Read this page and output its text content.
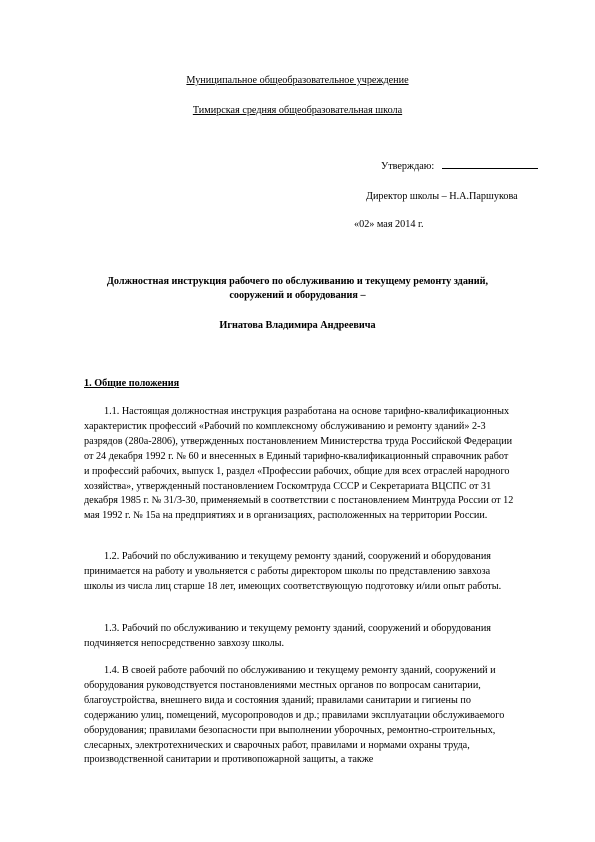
Муниципальное общеобразовательное учреждение
Тимирская средняя общеобразовательная школа
Утверждаю:
Директор школы – Н.А.Паршукова
«02» мая 2014 г.
Должностная инструкция рабочего по обслуживанию и текущему ремонту зданий,
сооружений и оборудования –
Игнатова Владимира Андреевича
1. Общие положения
1.1. Настоящая должностная инструкция разработана на основе тарифно-квалификационных характеристик профессий «Рабочий по комплексному обслуживанию и ремонту зданий» 2-3 разрядов (280а-2806), утвержденных постановлением Министерства труда Российской Федерации от 24 декабря 1992 г. № 60 и внесенных в Единый тарифно-квалификационный справочник работ и профессий рабочих, выпуск 1, раздел «Профессии рабочих, общие для всех отраслей народного хозяйства», утвержденный постановлением Госкомтруда СССР и Секретариата ВЦСПС от 31 декабря 1985 г. № 31/3-30, применяемый в соответствии с постановлением Минтруда России от 12 мая 1992 г. № 15а на предприятиях и в организациях, расположенных на территории России.
1.2. Рабочий по обслуживанию и текущему ремонту зданий, сооружений и оборудования принимается на работу и увольняется с работы директором школы по представлению завхоза школы из числа лиц старше 18 лет, имеющих соответствующую подготовку и/или опыт работы.
1.3. Рабочий по обслуживанию и текущему ремонту зданий, сооружений и оборудования подчиняется непосредственно завхозу школы.
1.4. В своей работе рабочий по обслуживанию и текущему ремонту зданий, сооружений и оборудования руководствуется постановлениями местных органов по вопросам санитарии, благоустройства, внешнего вида и состояния зданий; правилами санитарии и гигиены по содержанию улиц, помещений, мусоропроводов и др.; правилами эксплуатации обслуживаемого оборудования; правилами безопасности при выполнении уборочных, ремонтно-строительных, слесарных, электротехнических и сварочных работ, правилами и нормами охраны труда, производственной санитарии и противопожарной защиты, а также
